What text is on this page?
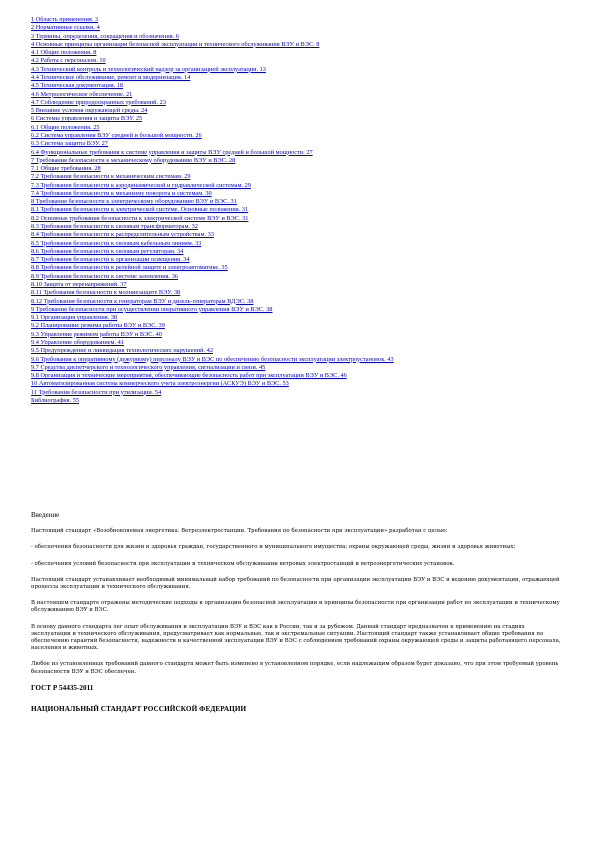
1 Область применения. 3
2 Нормативные ссылки. 4
3 Термины, определения, сокращения и обозначения. 6
4 Основные принципы организации безопасной эксплуатации и технического обслуживания ВЭУ и ВЭС. 8
4.1 Общие положения. 8
4.2 Работа с персоналом. 10
4.3 Технический контроль и технологический надзор за организацией эксплуатации. 13
4.4 Техническое обслуживание, ремонт и модернизация. 14
4.5 Техническая документация. 18
4.6 Метрологическое обеспечение. 21
4.7 Соблюдение природоохранных требований. 23
5 Внешние условия окружающей среды. 24
6 Системы управления и защиты ВЭУ. 25
6.1 Общие положения. 25
6.2 Система управления ВЭУ средней и большой мощности. 26
6.3 Система защиты ВЭУ. 27
6.4 Функциональные требования к системе управления и защиты ВЭУ средней и большой мощности. 27
7 Требования безопасности к механическому оборудованию ВЭУ и ВЭС. 28
7.1 Общие требования. 28
7.2 Требования безопасности к механическим системам. 29
7.3 Требования безопасности к аэродинамической и гидравлической системам. 29
7.4 Требования безопасности к механизму поворота и системам. 30
8 Требования безопасности к электрическому оборудованию ВЭУ и ВЭС. 31
8.1 Требования безопасности к электрической системе. Основные положения. 31
8.2 Основные требования безопасности к электрической системе ВЭУ и ВЭС. 31
8.3 Требования безопасности к силовым трансформаторам. 32
8.4 Требования безопасности к распределительным устройствам. 33
8.5 Требования безопасности к силовым кабельным линиям. 33
8.6 Требования безопасности к силовым регуляторам. 34
8.7 Требования безопасности к организации освещения. 34
8.8 Требования безопасности к релейной защите и электроавтоматике. 35
8.9 Требования безопасности к системе заземления. 36
8.10 Защита от перенапряжений. 37
8.11 Требования безопасности к молниезащите ВЭУ. 38
8.12 Требования безопасности к генераторам ВЭУ и дизель-генераторам ВДЭС. 38
9 Требования безопасности при осуществлении оперативного управления ВЭУ и ВЭС. 38
9.1 Организация управления. 38
9.2 Планирование режима работы ВЭУ и ВЭС. 39
9.3 Управление режимом работы ВЭУ и ВЭС. 40
9.4 Управление оборудованием. 41
9.5 Предупреждение и ликвидация технологических нарушений. 42
9.6 Требования к оперативному (дежурному) персоналу ВЭУ и ВЭС по обеспечению безопасности эксплуатации электроустановок. 43
9.7 Средства диспетчерского и технологического управления, сигнализации и связи. 45
9.8 Организация и технические мероприятия, обеспечивающие безопасность работ при эксплуатации ВЭУ и ВЭС. 46
10 Автоматизированная система коммерческого учета электроэнергии (АСКУЭ) ВЭУ и ВЭС. 53
11 Требования безопасности при утилизации. 54
Библиография. 55

Введение

Настоящий стандарт «Возобновляемая энергетика. Ветроэлектростанции. Требования по безопасности при эксплуатации» разработан с целью:

- обеспечения безопасности для жизни и здоровья граждан, государственного и муниципального имущества; охраны окружающей среды, жизни и здоровья животных;

- обеспечения условий безопасности при эксплуатации и техническом обслуживании ветровых электростанций и ветроэнергетических установок.

Настоящий стандарт устанавливает необходимый минимальный набор требований по безопасности при организации эксплуатации ВЭУ и ВЭС и ведению документации, отражающей процессы эксплуатации и технического обслуживания.

В настоящем стандарте отражены методические подходы к организации безопасной эксплуатации и принципы безопасности при организации работ по эксплуатации и техническому обслуживанию ВЭУ и ВЭС.

В основу данного стандарта лег опыт обслуживания и эксплуатации ВЭУ и ВЭС как в России, так и за рубежом. Данный стандарт предназначен к применению на стадиях эксплуатации и технического обслуживания, предусматривает как нормальные, так и экстремальные ситуации. Настоящий стандарт также устанавливает общие требования по обеспечению гарантий безопасности, надежности и качественной эксплуатации ВЭУ и ВЭС с соблюдением требований охраны окружающей среды и защиты работающего персонала, населения и животных.

Любое из установленных требований данного стандарта может быть изменено в установленном порядке, если надлежащим образом будет доказано, что при этом требуемый уровень безопасности ВЭУ и ВЭС обеспечен.

ГОСТ Р 54435-2011

НАЦИОНАЛЬНЫЙ СТАНДАРТ РОССИЙСКОЙ ФЕДЕРАЦИИ
